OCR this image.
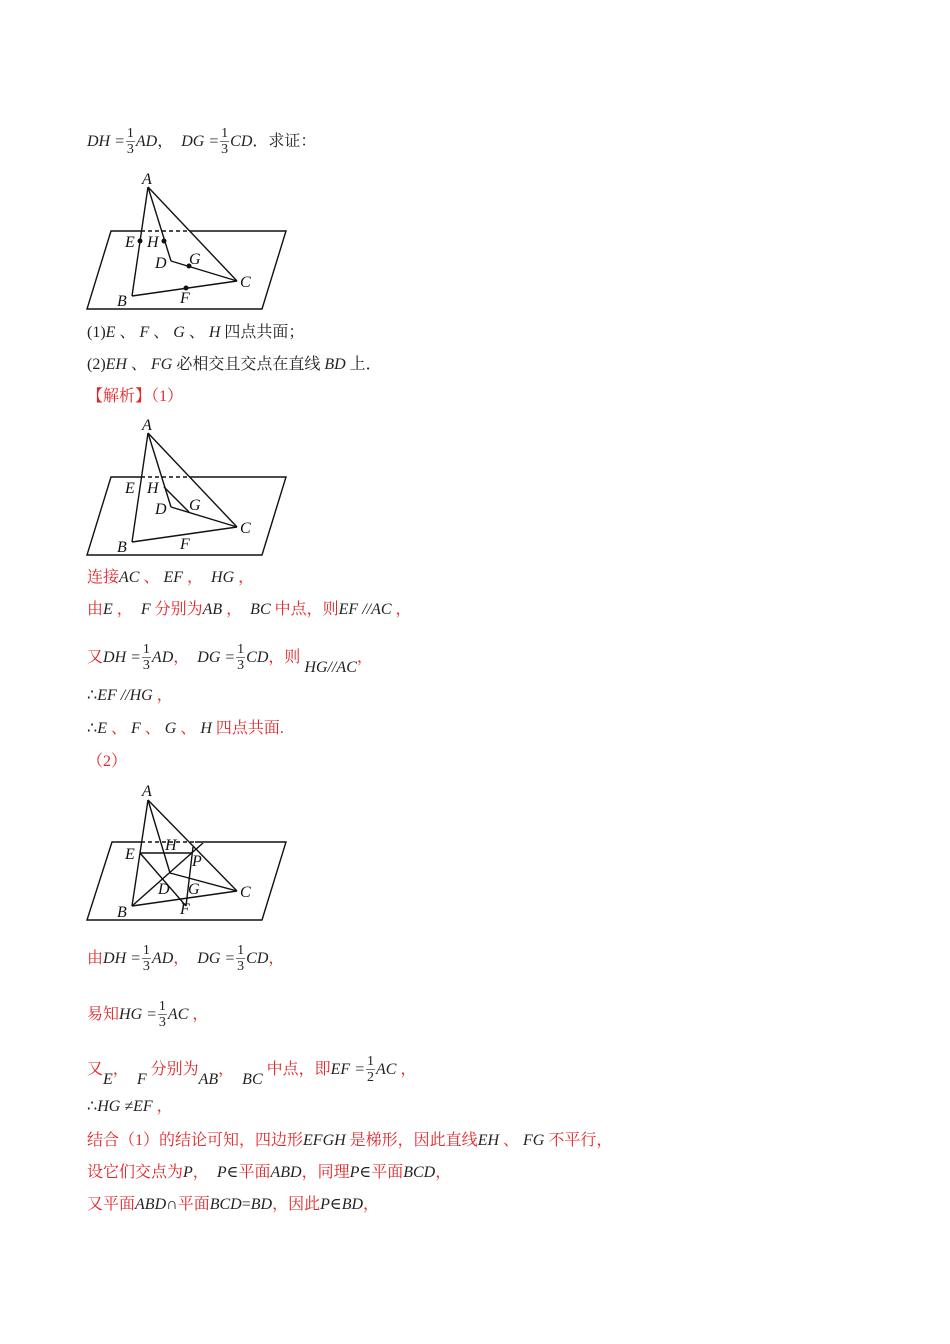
DH = $\frac{1}{3}$ AD，  DG = $\frac{1}{3}$ CD．求证：
A
E H
D G
C
B	F
(1)E 、 F 、 G 、 H 四点共面；
(2)EH 、 FG 必相交且交点在直线 BD 上．
【解析】（1）
A
E H
D G
C
B	F
连接AC 、 EF ，  HG ，
由E ，  F 分别为AB ，  BC 中点，则EF //AC ，
又DH = $\frac{1}{3}$ AD，  DG = $\frac{1}{3}$ CD，则 HG//AC，
∴EF //HG ，
∴E 、 F 、 G 、 H 四点共面.
（2）
A
E
H
P
D G	C
B	F
由DH = $\frac{1}{3}$ AD，  DG = $\frac{1}{3}$ CD，
易知HG = $\frac{1}{3}$ AC ，
又E，  F 分别为AB，  BC 中点，即EF = $\frac{1}{2}$ AC ，
∴HG ≠EF ，
结合（1）的结论可知，四边形EFGH 是梯形，因此直线EH 、 FG 不平行，
设它们交点为P，  P∈平面ABD，同理P∈平面BCD，
又平面ABD∩平面BCD=BD，因此P∈BD，
